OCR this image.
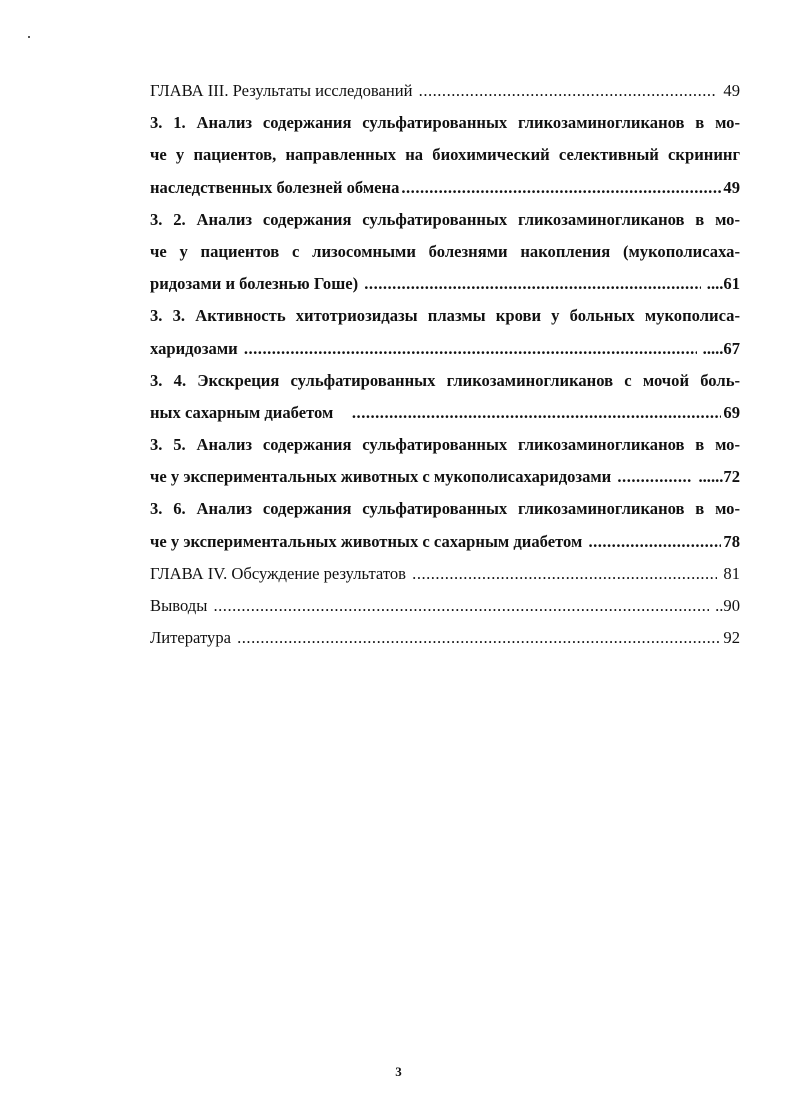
ГЛАВА III. Результаты исследований .....	49
3. 1. Анализ содержания сульфатированных гликозаминогликанов в мо-
че у пациентов, направленных на биохимический селективный скрининг
наследственных болезней обмена .....	49
3. 2. Анализ содержания сульфатированных гликозаминогликанов в мо-
че у пациентов с лизосомными болезнями накопления (мукополисаха-
ридозами и болезнью Гоше) .....	....61
3. 3. Активность хитотриозидазы плазмы крови у больных мукополиса-
харидозами .....	.....67
3. 4. Экскреция сульфатированных гликозаминогликанов с мочой боль-
ных сахарным диабетом .....	69
3. 5. Анализ содержания сульфатированных гликозаминогликанов в мо-
че у экспериментальных животных с мукополисахаридозами .....	......72
3. 6. Анализ содержания сульфатированных гликозаминогликанов в мо-
че у экспериментальных животных с сахарным диабетом .....	78
ГЛАВА IV. Обсуждение результатов .....	81
Выводы .....	..90
Литература .....	92
3
